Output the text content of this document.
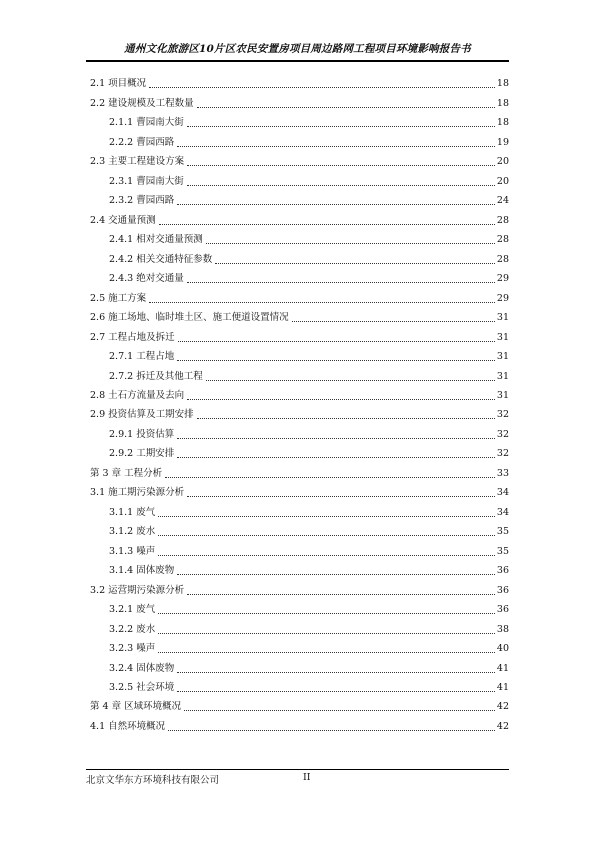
通州文化旅游区10片区农民安置房项目周边路网工程项目环境影响报告书
2.1 项目概况	18
2.2 建设规模及工程数量	18
2.1.1 曹园南大街	18
2.2.2 曹园西路	19
2.3 主要工程建设方案	20
2.3.1 曹园南大街	20
2.3.2 曹园西路	24
2.4 交通量预测	28
2.4.1 相对交通量预测	28
2.4.2 相关交通特征参数	28
2.4.3 绝对交通量	29
2.5 施工方案	29
2.6 施工场地、临时堆土区、施工便道设置情况	31
2.7 工程占地及拆迁	31
2.7.1 工程占地	31
2.7.2 拆迁及其他工程	31
2.8 土石方流量及去向	31
2.9 投资估算及工期安排	32
2.9.1 投资估算	32
2.9.2 工期安排	32
第 3 章 工程分析	33
3.1 施工期污染源分析	34
3.1.1 废气	34
3.1.2 废水	35
3.1.3 噪声	35
3.1.4 固体废物	36
3.2 运营期污染源分析	36
3.2.1 废气	36
3.2.2 废水	38
3.2.3 噪声	40
3.2.4 固体废物	41
3.2.5 社会环境	41
第 4 章 区域环境概况	42
4.1 自然环境概况	42
北京文华东方环境科技有限公司	II
